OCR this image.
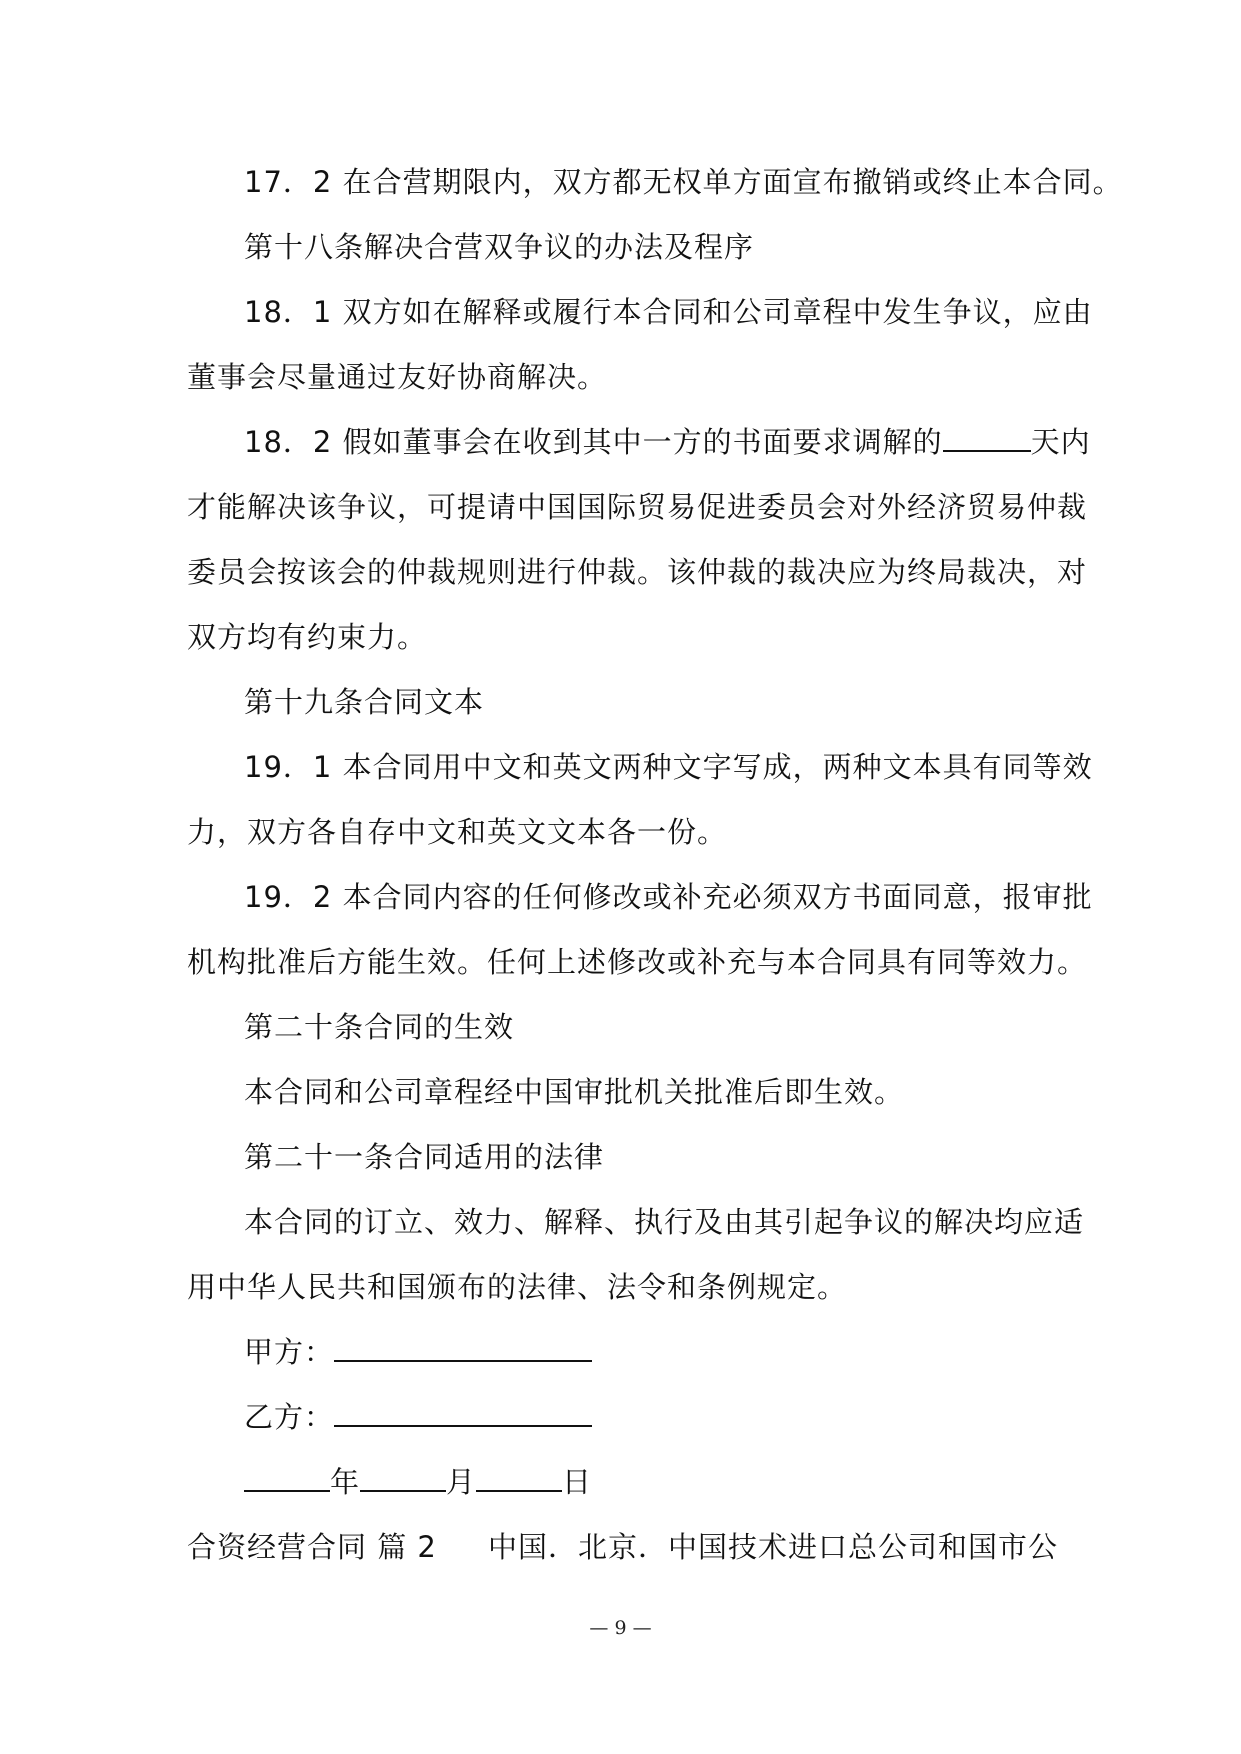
17．2 在合营期限内，双方都无权单方面宣布撤销或终止本合同。
第十八条解决合营双争议的办法及程序
18．1 双方如在解释或履行本合同和公司章程中发生争议，应由
董事会尽量通过友好协商解决。
18．2 假如董事会在收到其中一方的书面要求调解的	天内
才能解决该争议，可提请中国国际贸易促进委员会对外经济贸易仲裁
委员会按该会的仲裁规则进行仲裁。该仲裁的裁决应为终局裁决，对
双方均有约束力。
第十九条合同文本
19．1 本合同用中文和英文两种文字写成，两种文本具有同等效
力，双方各自存中文和英文文本各一份。
19．2 本合同内容的任何修改或补充必须双方书面同意，报审批
机构批准后方能生效。任何上述修改或补充与本合同具有同等效力。
第二十条合同的生效
本合同和公司章程经中国审批机关批准后即生效。
第二十一条合同适用的法律
本合同的订立、效力、解释、执行及由其引起争议的解决均应适
用中华人民共和国颁布的法律、法令和条例规定。
甲方：
乙方：
年	月	日
合资经营合同 篇 2 中国．北京．中国技术进口总公司和国市公
— 9 —
